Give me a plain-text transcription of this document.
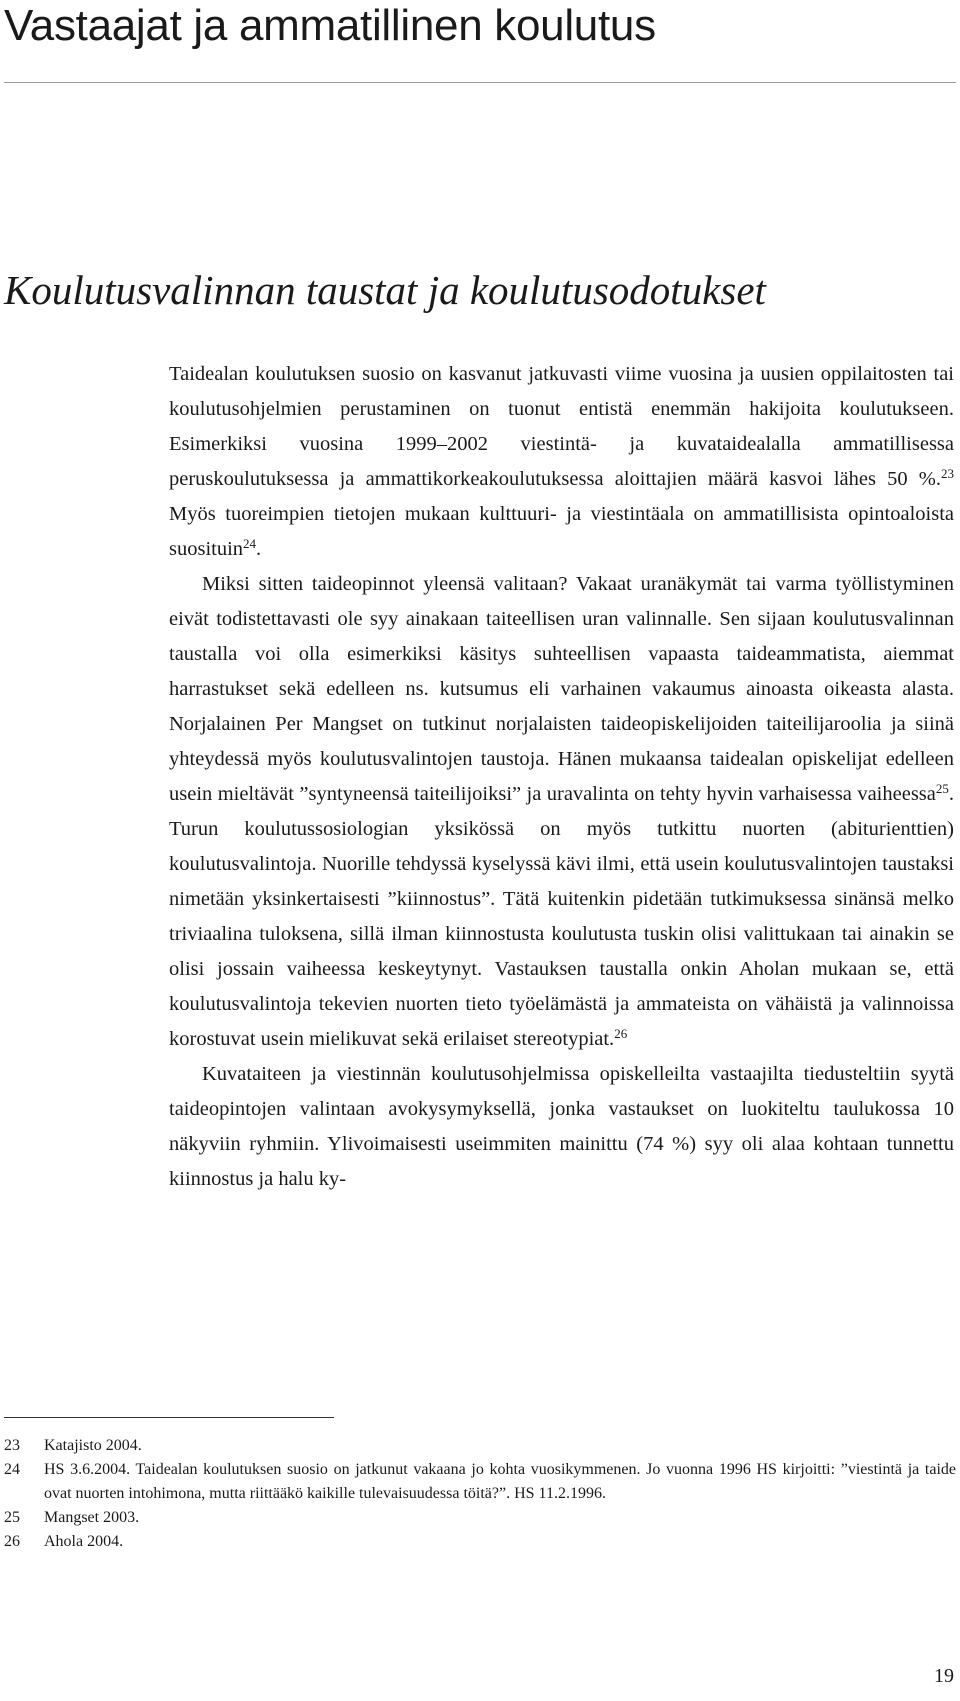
Vastaajat ja ammatillinen koulutus
Koulutusvalinnan taustat ja koulutusodotukset

Taidealan koulutuksen suosio on kasvanut jatkuvasti viime vuosina ja uusien oppilaitosten tai koulutusohjelmien perustaminen on tuonut entistä enemmän hakijoita koulutukseen. Esimerkiksi vuosina 1999–2002 viestintä- ja kuvataidealalla ammatillisessa peruskoulutuksessa ja ammattikorkeakoulutuksessa aloittajien määrä kasvoi lähes 50 %.$^{23}$ Myös tuoreimpien tietojen mukaan kulttuuri- ja viestintäala on ammatillisista opintoaloista suosituin$^{24}$.

Miksi sitten taideopinnot yleensä valitaan? Vakaat uranäkymät tai varma työllistyminen eivät todistettavasti ole syy ainakaan taiteellisen uran valinnalle. Sen sijaan koulutusvalinnan taustalla voi olla esimerkiksi käsitys suhteellisen vapaasta taideammatista, aiemmat harrastukset sekä edelleen ns. kutsumus eli varhainen vakaumus ainoasta oikeasta alasta. Norjalainen Per Mangset on tutkinut norjalaisten taideopiskelijoiden taiteilijaroolia ja siinä yhteydessä myös koulutusvalintojen taustoja. Hänen mukaansa taidealan opiskelijat edelleen usein mieltävät ”syntyneensä taiteilijoiksi” ja uravalinta on tehty hyvin varhaisessa vaiheessa$^{25}$. Turun koulutussosiologian yksikössä on myös tutkittu nuorten (abiturienttien) koulutusvalintoja. Nuorille tehdyssä kyselyssä kävi ilmi, että usein koulutusvalintojen taustaksi nimetään yksinkertaisesti ”kiinnostus”. Tätä kuitenkin pidetään tutkimuksessa sinänsä melko triviaalina tuloksena, sillä ilman kiinnostusta koulutusta tuskin olisi valittukaan tai ainakin se olisi jossain vaiheessa keskeytynyt. Vastauksen taustalla onkin Aholan mukaan se, että koulutusvalintoja tekevien nuorten tieto työelämästä ja ammateista on vähäistä ja valinnoissa korostuvat usein mielikuvat sekä erilaiset stereotypiat.$^{26}$

Kuvataiteen ja viestinnän koulutusohjelmissa opiskelleilta vastaajilta tiedusteltiin syytä taideopintojen valintaan avokysymyksellä, jonka vastaukset on luokiteltu taulukossa 10 näkyviin ryhmiin. Ylivoimaisesti useimmiten mainittu (74 %) syy oli alaa kohtaan tunnettu kiinnostus ja halu ky-

23	Katajisto 2004.
24	HS 3.6.2004. Taidealan koulutuksen suosio on jatkunut vakaana jo kohta vuosikymmenen. Jo vuonna 1996 HS kirjoitti: ”viestintä ja taide ovat nuorten intohimona, mutta riittääkö kaikille tulevaisuudessa töitä?”. HS 11.2.1996.
25	Mangset 2003.
26	Ahola 2004.
19
